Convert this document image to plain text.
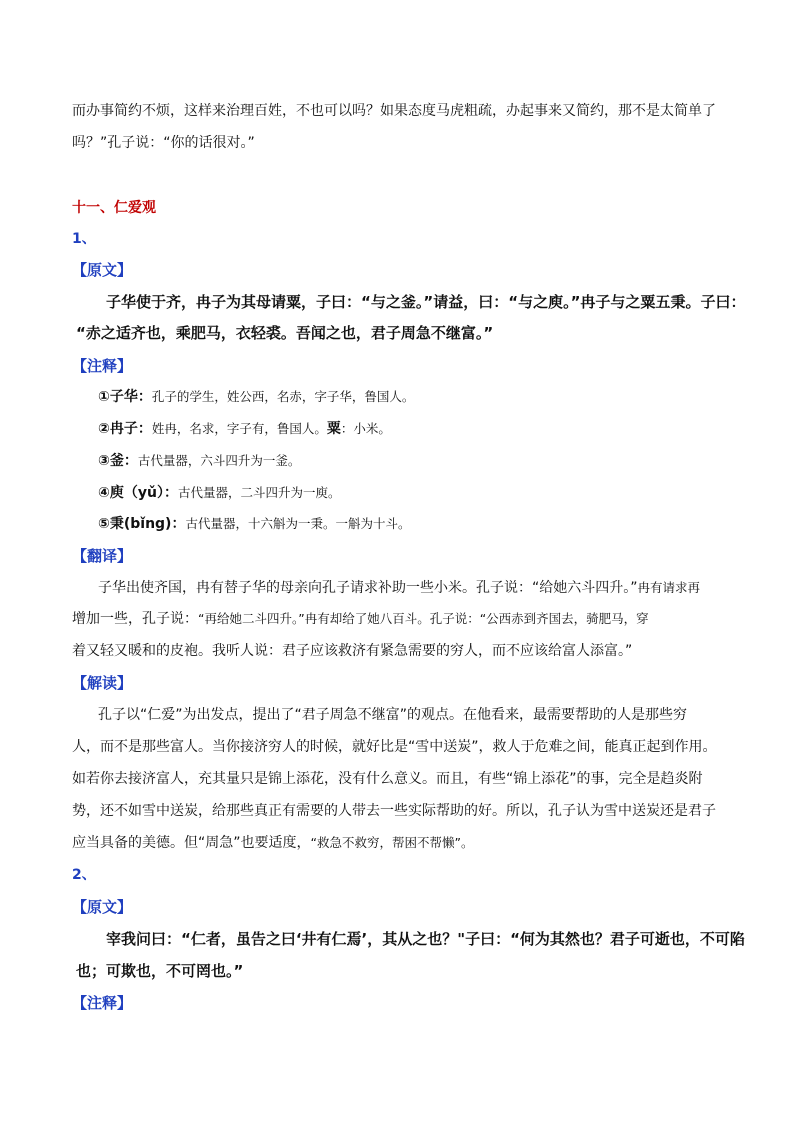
而办事简约不烦，这样来治理百姓，不也可以吗？如果态度马虎粗疏，办起事来又简约，那不是太简单了
吗？”孔子说：“你的话很对。”
十一、仁爱观
1、
【原文】
子华使于齐，冉子为其母请粟，子曰：“与之釜。”请益，曰：“与之庾。”冉子与之粟五秉。子曰：
“赤之适齐也，乘肥马，衣轻裘。吾闻之也，君子周急不继富。”
【注释】
①子华：孔子的学生，姓公西，名赤，字子华，鲁国人。
②冉子：姓冉，名求，字子有，鲁国人。粟：小米。
③釜：古代量器，六斗四升为一釜。
④庾（yǔ）：古代量器，二斗四升为一庾。
⑤秉(bǐng)：古代量器，十六斛为一秉。一斛为十斗。
【翻译】
子华出使齐国，冉有替子华的母亲向孔子请求补助一些小米。孔子说：“给她六斗四升。”冉有请求再
增加一些，孔子说：“再给她二斗四升。”冉有却给了她八百斗。孔子说：“公西赤到齐国去，骑肥马，穿
着又轻又暖和的皮袍。我听人说：君子应该救济有紧急需要的穷人，而不应该给富人添富。”
【解读】
孔子以“仁爱”为出发点，提出了“君子周急不继富”的观点。在他看来，最需要帮助的人是那些穷
人，而不是那些富人。当你接济穷人的时候，就好比是“雪中送炭”，救人于危难之间，能真正起到作用。
如若你去接济富人，充其量只是锦上添花，没有什么意义。而且，有些“锦上添花”的事，完全是趋炎附
势，还不如雪中送炭，给那些真正有需要的人带去一些实际帮助的好。所以，孔子认为雪中送炭还是君子
应当具备的美德。但“周急”也要适度，“救急不救穷，帮困不帮懒”。
2、
【原文】
宰我问曰：“仁者，虽告之曰‘井有仁焉’，其从之也？"子曰：“何为其然也？君子可逝也，不可陷
也；可欺也，不可罔也。”
【注释】
